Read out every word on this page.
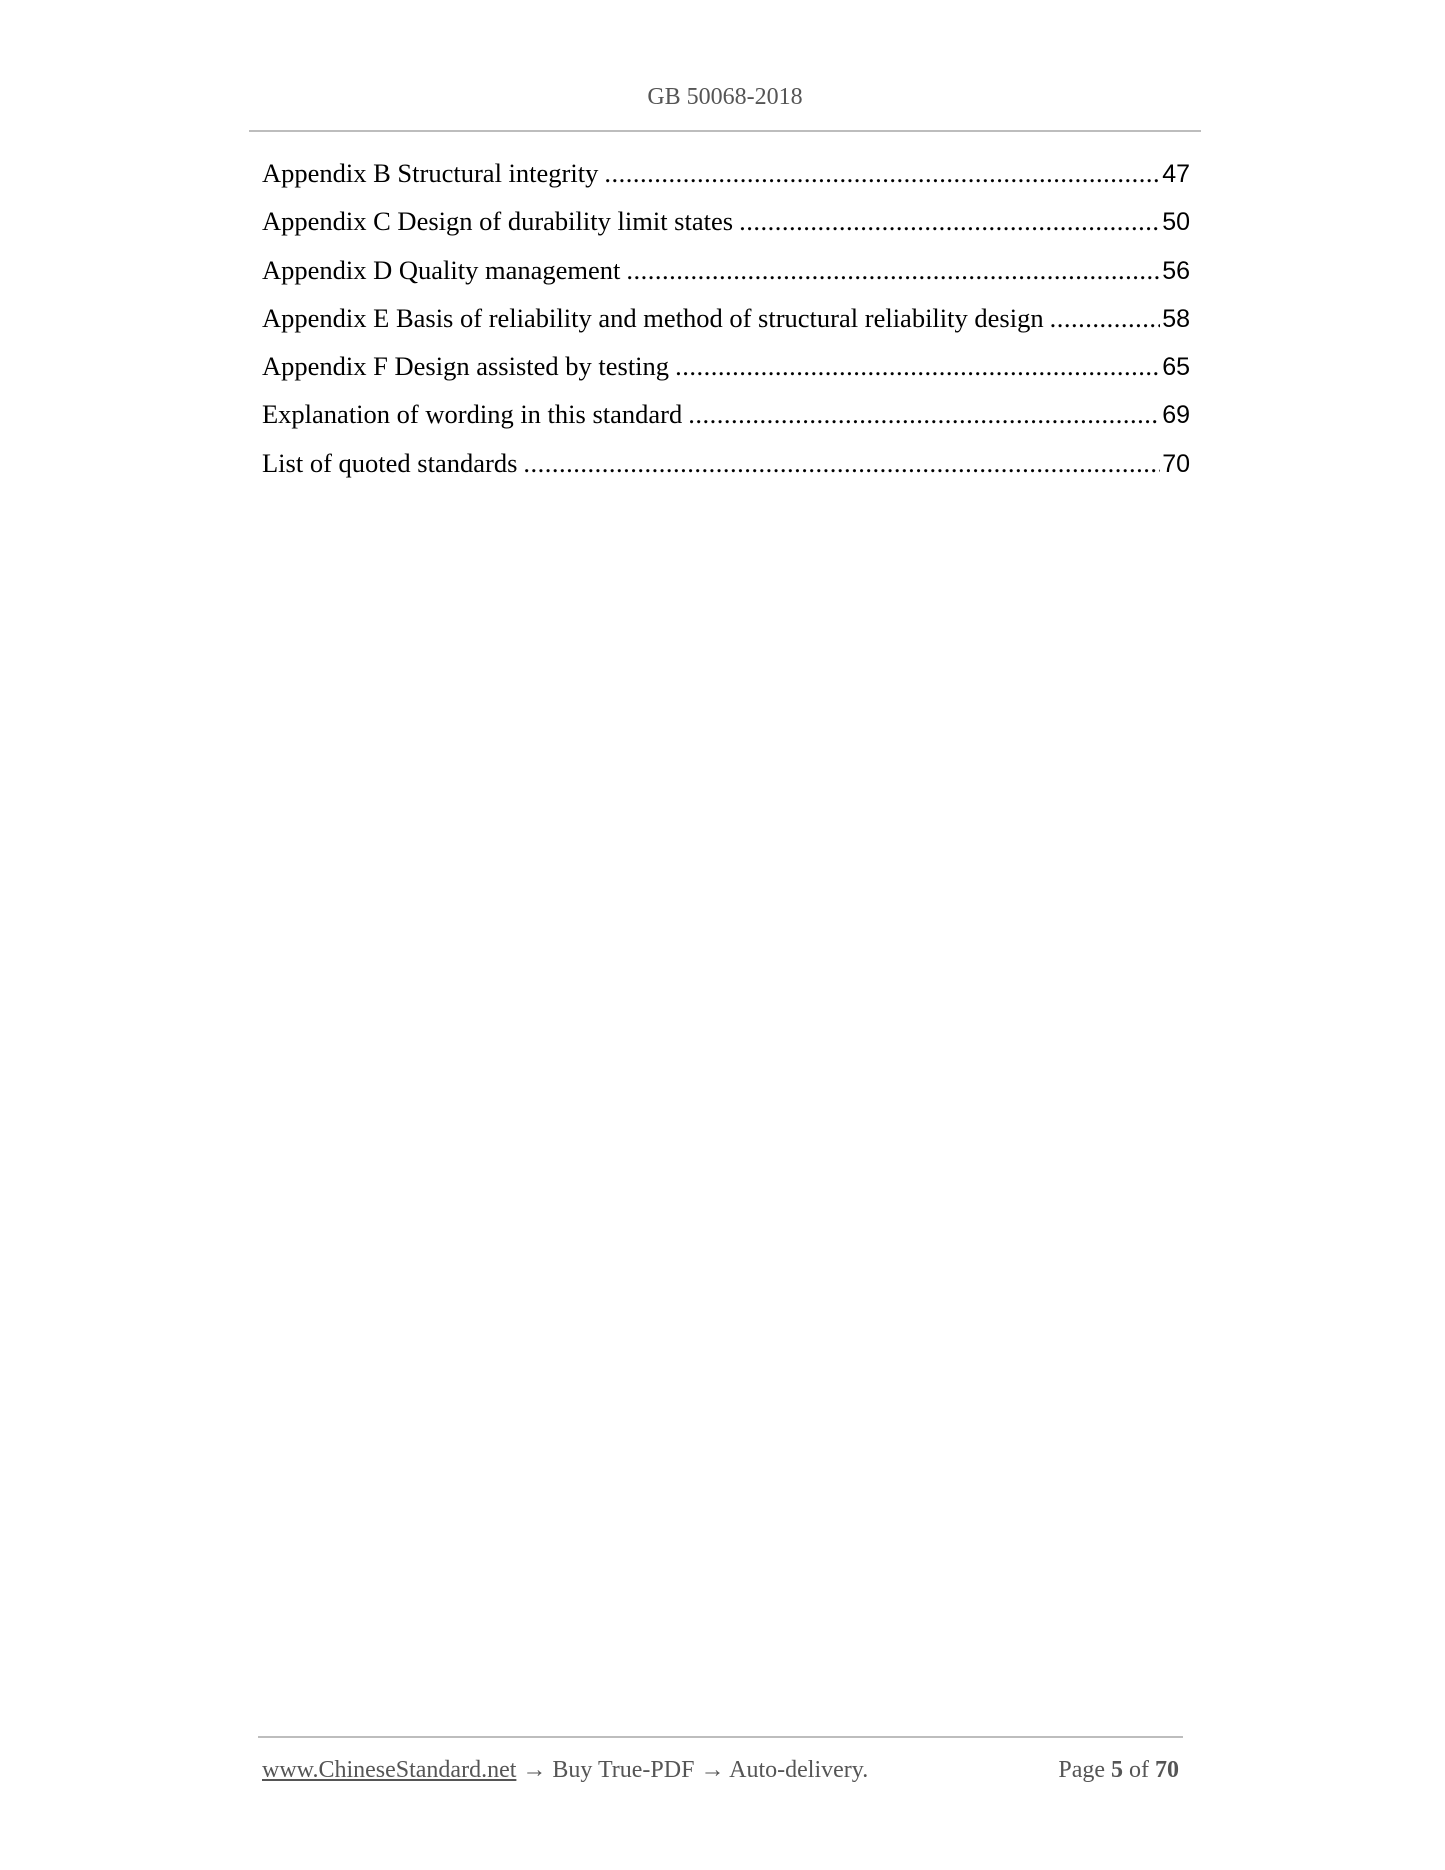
GB 50068-2018
Appendix B Structural integrity .....	47
Appendix C Design of durability limit states .....	50
Appendix D Quality management .....	56
Appendix E Basis of reliability and method of structural reliability design .....	58
Appendix F Design assisted by testing .....	65
Explanation of wording in this standard .....	69
List of quoted standards .....	70
www.ChineseStandard.net → Buy True-PDF → Auto-delivery.	Page 5 of 70
